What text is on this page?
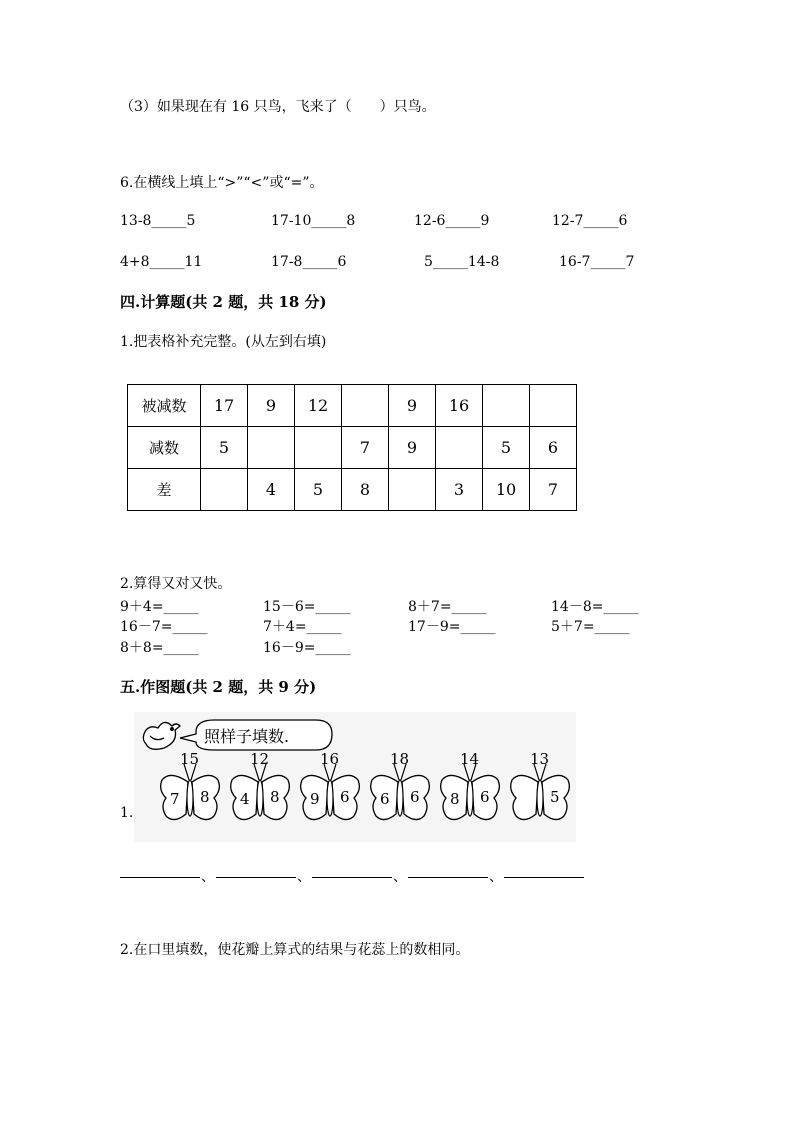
（3）如果现在有 16 只鸟，飞来了（　　）只鸟。
6.在横线上填上“>”“<”或“=”。
13-8_____5	17-10_____8	12-6_____9	12-7_____6
4+8_____11	17-8_____6	5_____14-8	16-7_____7
四.计算题(共 2 题，共 18 分)
1.把表格补充完整。(从左到右填)
被减数	17	9	12		9	16		
减数	5			7	9		5	6
差		4	5	8		3	10	7
2.算得又对又快。
9＋4=_____	15－6=_____	8＋7=_____	14－8=_____
16－7=_____	7＋4=_____	17－9=_____	5＋7=_____
8＋8=_____	16－9=_____
五.作图题(共 2 题，共 9 分)
照样子填数.
15
7 8
12
4 8
16
9 6
18
6 6
14
8 6
13
5
1.
、	、	、	、
2.在口里填数，使花瓣上算式的结果与花蕊上的数相同。
